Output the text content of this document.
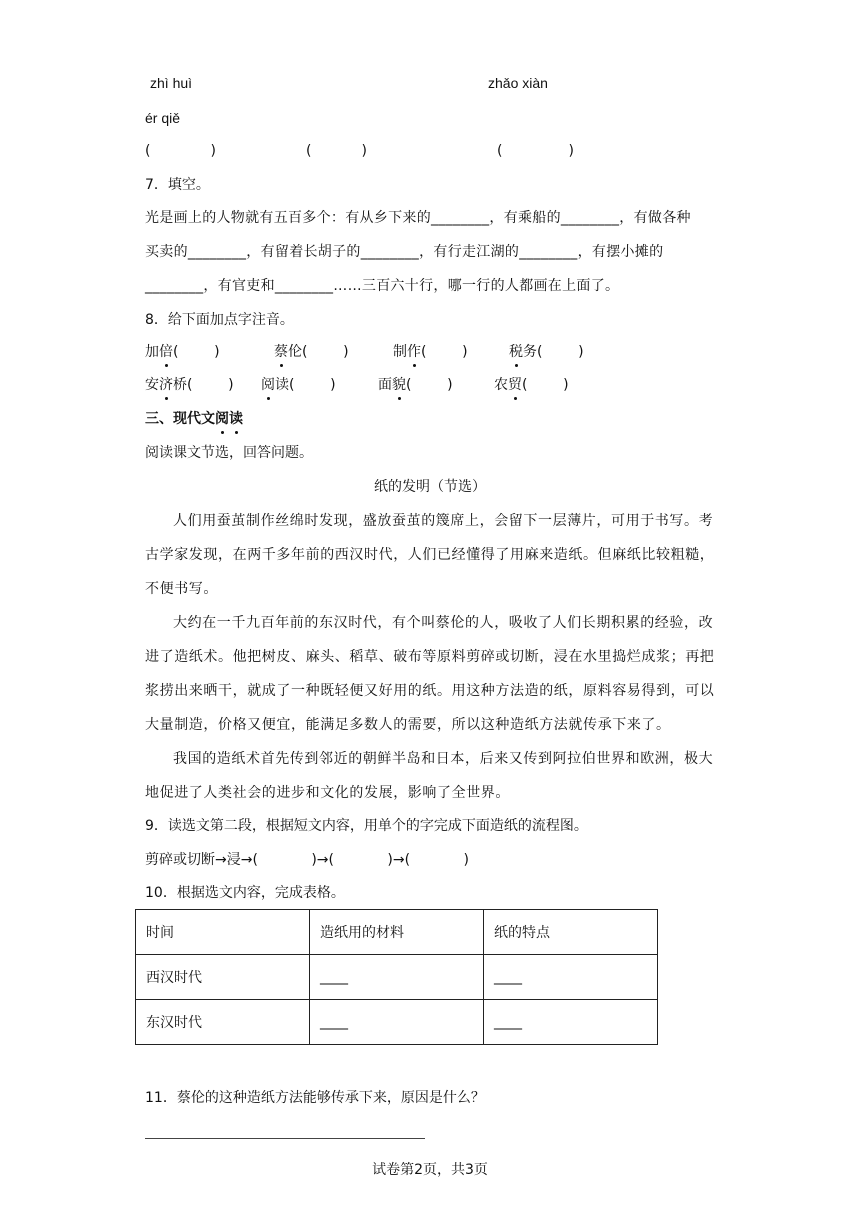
zhì huì	zhǎo xiàn
ér qiě
(	)	(	)	(	)
7．填空。
光是画上的人物就有五百多个：有从乡下来的________，有乘船的________，有做各种
买卖的________，有留着长胡子的________，有行走江湖的________，有摆小摊的
________，有官吏和________……三百六十行，哪一行的人都画在上面了。
8．给下面加点字注音。
加倍(        )	蔡伦(        )	制作(        )	税务(        )
安济桥(        ) 阅读(        )	面貌(        )	农贸(        )
三、现代文阅读
阅读课文节选，回答问题。
纸的发明（节选）
人们用蚕茧制作丝绵时发现，盛放蚕茧的篾席上，会留下一层薄片，可用于书写。考古学家发现，在两千多年前的西汉时代，人们已经懂得了用麻来造纸。但麻纸比较粗糙，不便书写。
大约在一千九百年前的东汉时代，有个叫蔡伦的人，吸收了人们长期积累的经验，改进了造纸术。他把树皮、麻头、稻草、破布等原料剪碎或切断，浸在水里捣烂成浆；再把浆捞出来晒干，就成了一种既轻便又好用的纸。用这种方法造的纸，原料容易得到，可以大量制造，价格又便宜，能满足多数人的需要，所以这种造纸方法就传承下来了。
我国的造纸术首先传到邻近的朝鲜半岛和日本，后来又传到阿拉伯世界和欧洲，极大地促进了人类社会的进步和文化的发展，影响了全世界。
9．读选文第二段，根据短文内容，用单个的字完成下面造纸的流程图。
剪碎或切断→浸→(            )→(            )→(            )
10．根据选文内容，完成表格。
时间	造纸用的材料	纸的特点
西汉时代	____	____
东汉时代	____	____
11．蔡伦的这种造纸方法能够传承下来，原因是什么？
试卷第2页，共3页
